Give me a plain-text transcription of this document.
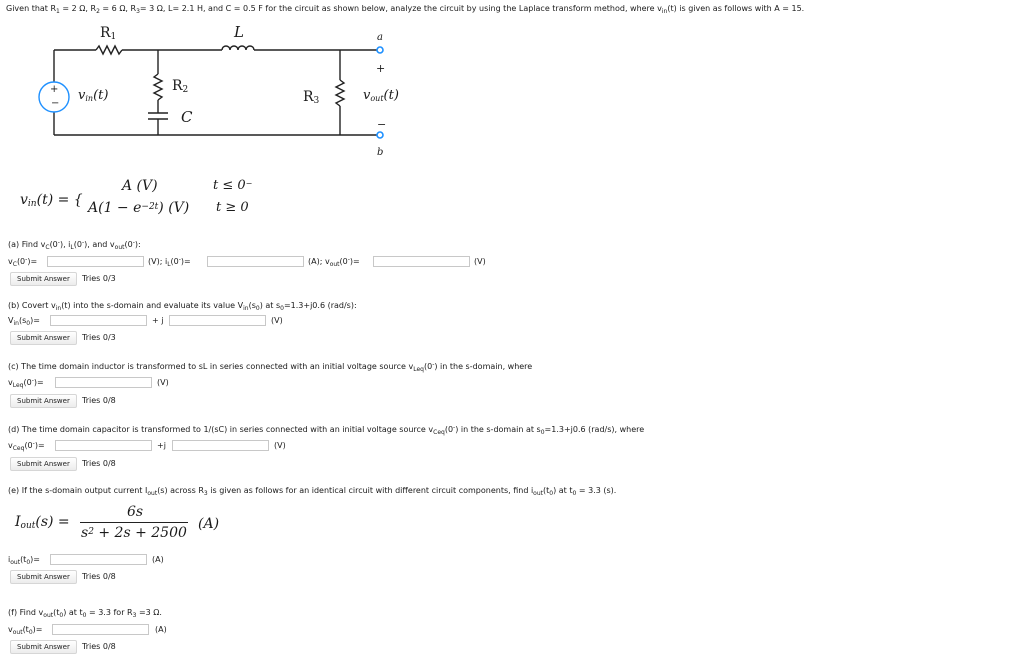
Given that $R_1 = 2$ Ω, $R_2 = 6$ Ω, $R_3= 3$ Ω, L= 2.1 H, and C = 0.5 F for the circuit as shown below, analyze the circuit by using the Laplace transform method, where $v_{in}(t)$ is given as follows with A = 15.
$R_1$	L	a
+
+
−
$v_{in}(t)$
$R_2$
C
$R_3$	$v_{out}(t)$
−
b
$v_{in}(t)$ = {
A (V)	t ≤ 0−
$A(1 - e^{-2t})$ (V) t ≥ 0
(a) Find $v_C(0^-)$, $i_L(0^-)$, and $v_{out}(0^-)$:
$v_C(0^-)=$	(V); $i_L(0^-)=$	(A); $v_{out}(0^-)=$	(V)
Submit Answer	Tries 0/3
(b) Covert $v_{in}(t)$ into the s-domain and evaluate its value $V_{in}(s_0)$ at $s_0=1.3+j0.6$ (rad/s):
$V_{in}(s_0)=$	+ j	(V)
Submit Answer	Tries 0/3
(c) The time domain inductor is transformed to sL in series connected with an initial voltage source $v_{Leq}(0^-)$ in the s-domain, where
$v_{Leq}(0^-)=$	(V)
Submit Answer	Tries 0/8
(d) The time domain capacitor is transformed to 1/(sC) in series connected with an initial voltage source $v_{Ceq}(0^-)$ in the s-domain at $s_0=1.3+j0.6$ (rad/s), where
$v_{Ceq}(0^-)=$	+j	(V)
Submit Answer	Tries 0/8
(e) If the s-domain output current $I_{out}(s)$ across $R_3$ is given as follows for an identical circuit with different circuit components, find $i_{out}(t_0)$ at $t_0 = 3.3$ (s).
$I_{out}(s)$ =
6s
$s^2 + 2s + 2500$
(A)
$i_{out}(t_0)=$	(A)
Submit Answer	Tries 0/8
(f) Find $v_{out}(t_0)$ at $t_0 = 3.3$ for $R_3 =3$ Ω.
$v_{out}(t_0)=$	(A)
Submit Answer	Tries 0/8
